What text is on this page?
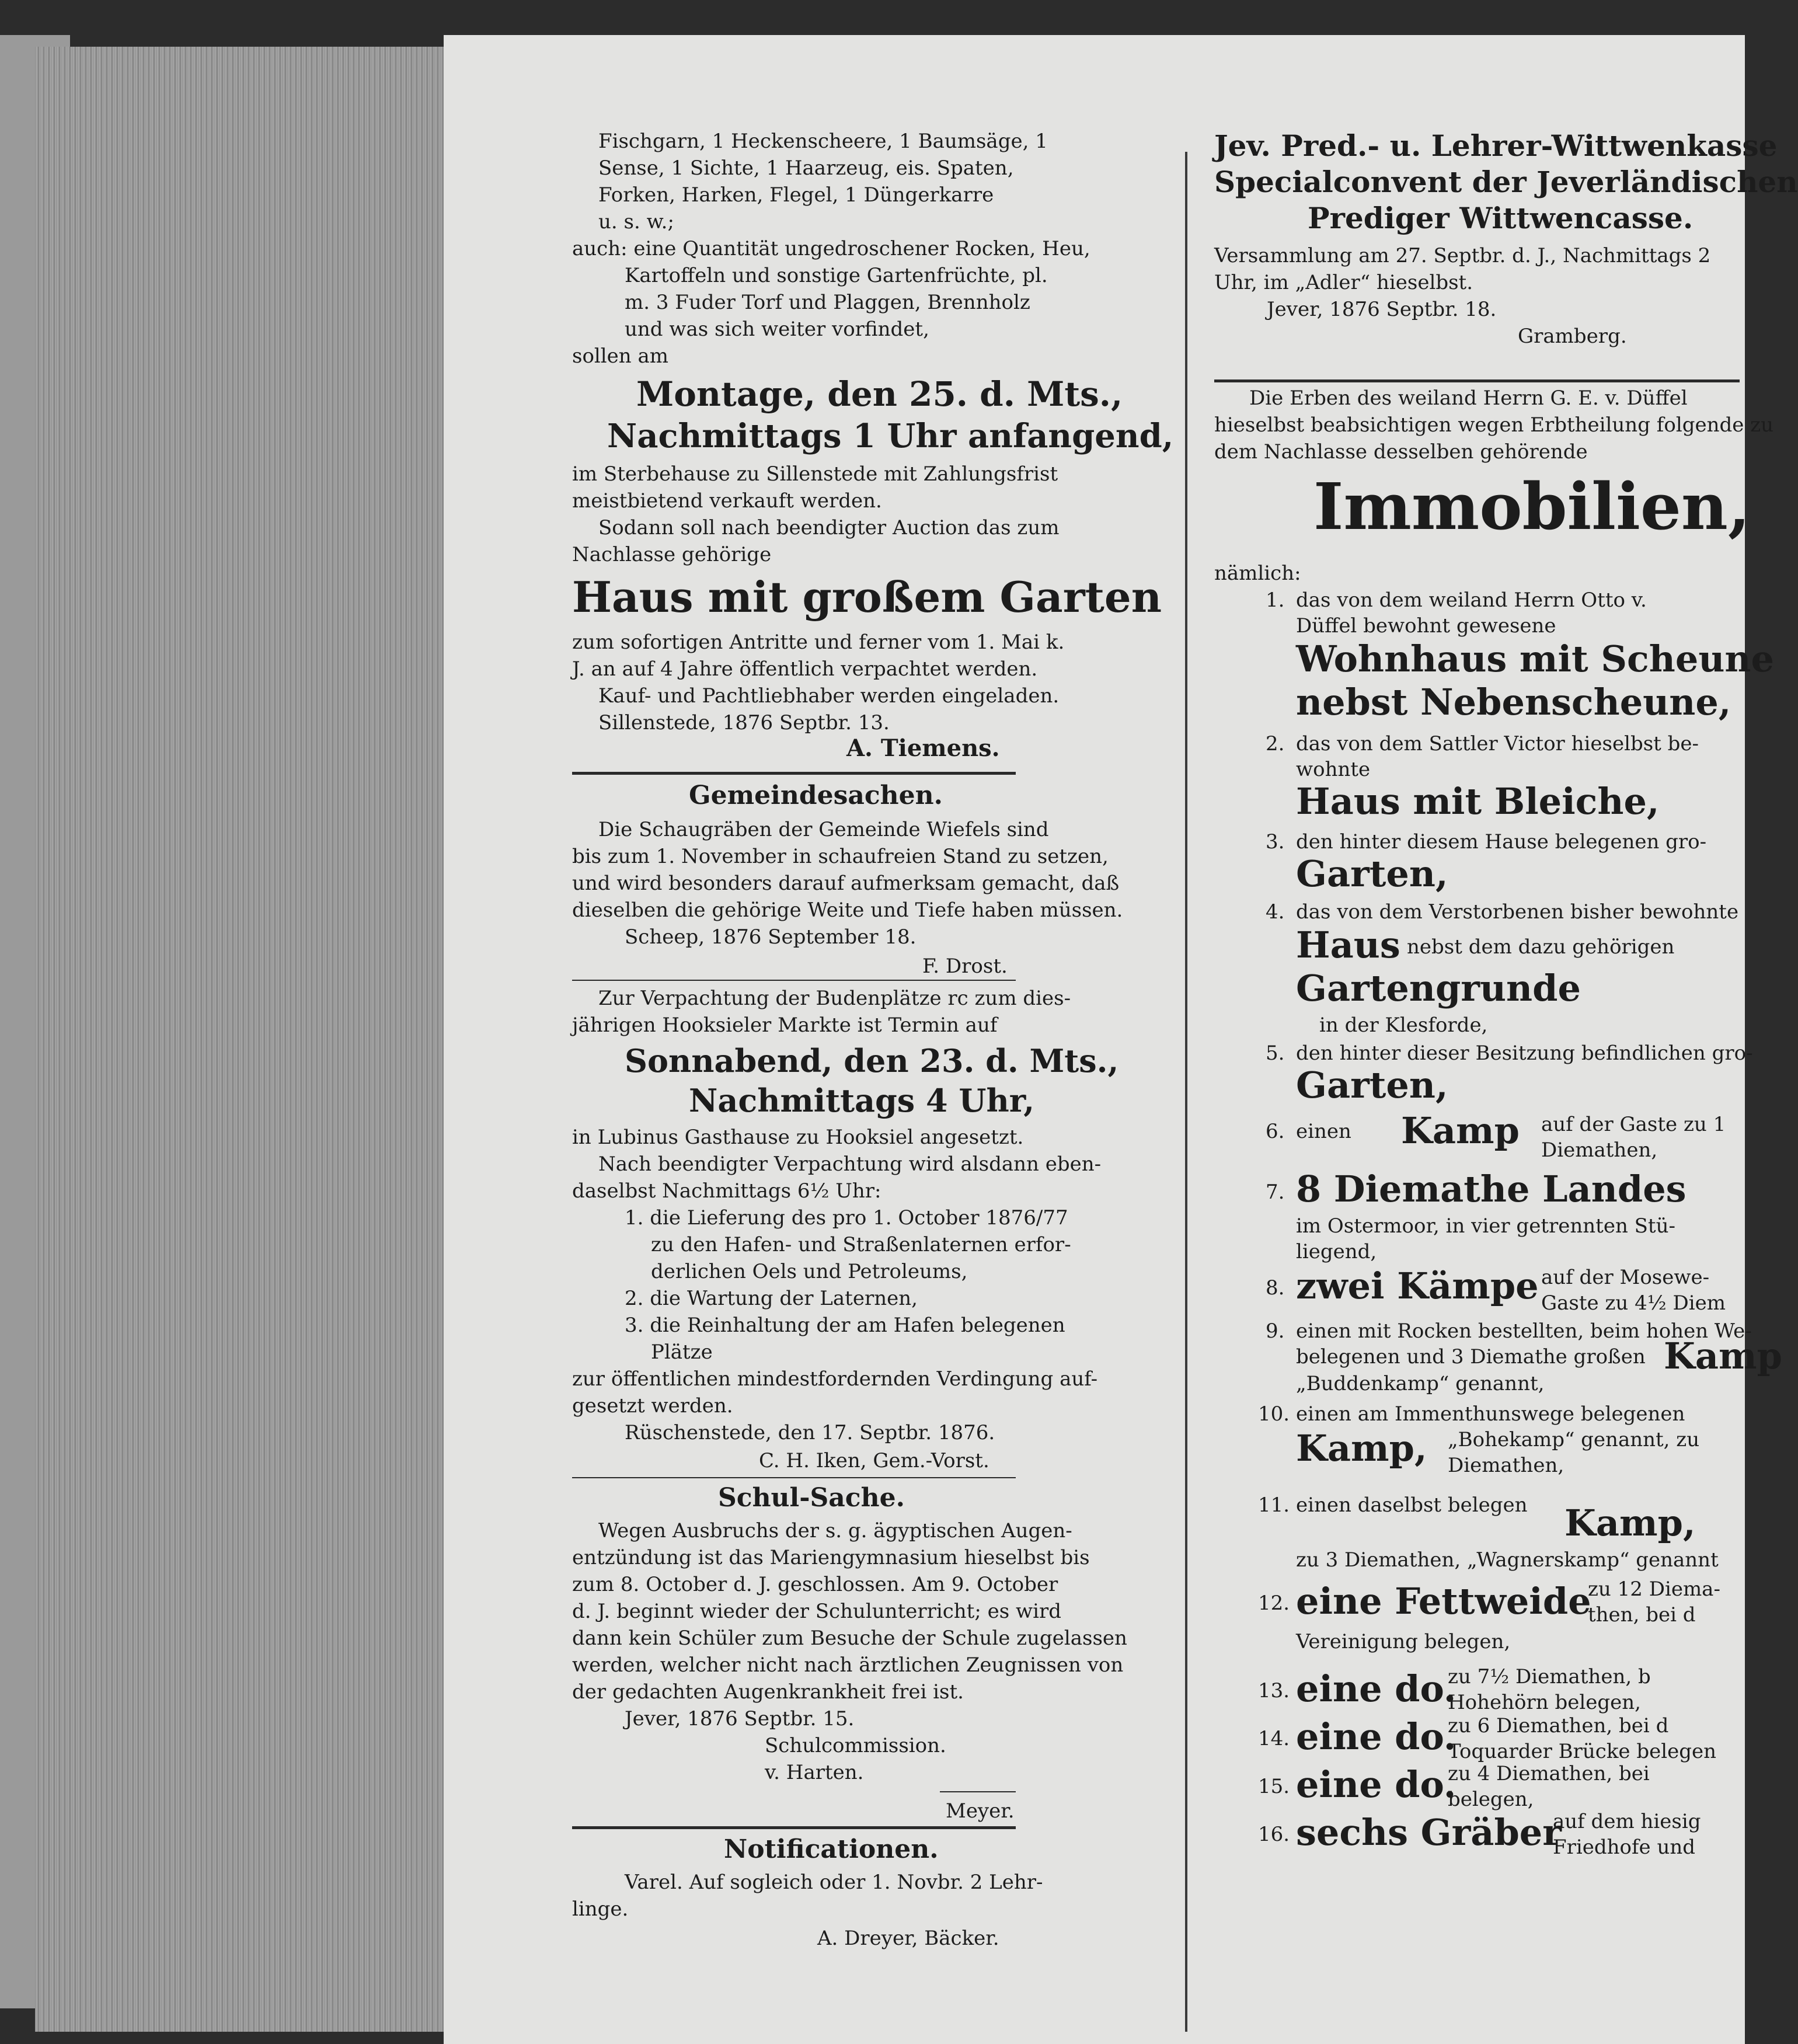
Fischgarn, 1 Heckenscheere, 1 Baumsäge, 1
Sense, 1 Sichte, 1 Haarzeug, eis. Spaten,
Forken, Harken, Flegel, 1 Düngerkarre
u. s. w.;
auch: eine Quantität ungedroschener Rocken, Heu,
Kartoffeln und sonstige Gartenfrüchte, pl.
m. 3 Fuder Torf und Plaggen, Brennholz
und was sich weiter vorfindet,
sollen am
Montage, den 25. d. Mts.,
Nachmittags 1 Uhr anfangend,
im Sterbehause zu Sillenstede mit Zahlungsfrist
meistbietend verkauft werden.
Sodann soll nach beendigter Auction das zum
Nachlasse gehörige
Haus mit großem Garten
zum sofortigen Antritte und ferner vom 1. Mai k.
J. an auf 4 Jahre öffentlich verpachtet werden.
Kauf- und Pachtliebhaber werden eingeladen.
Sillenstede, 1876 Septbr. 13.
A. Tiemens.
Gemeindesachen.
Die Schaugräben der Gemeinde Wiefels sind
bis zum 1. November in schaufreien Stand zu setzen,
und wird besonders darauf aufmerksam gemacht, daß
dieselben die gehörige Weite und Tiefe haben müssen.
Scheep, 1876 September 18.
F. Drost.
Zur Verpachtung der Budenplätze rc zum dies-
jährigen Hooksieler Markte ist Termin auf
Sonnabend, den 23. d. Mts.,
Nachmittags 4 Uhr,
in Lubinus Gasthause zu Hooksiel angesetzt.
Nach beendigter Verpachtung wird alsdann eben-
daselbst Nachmittags 6½ Uhr:
1. die Lieferung des pro 1. October 1876/77
zu den Hafen- und Straßenlaternen erfor-
derlichen Oels und Petroleums,
2. die Wartung der Laternen,
3. die Reinhaltung der am Hafen belegenen
Plätze
zur öffentlichen mindestfordernden Verdingung auf-
gesetzt werden.
Rüschenstede, den 17. Septbr. 1876.
C. H. Iken, Gem.-Vorst.
Schul-Sache.
Wegen Ausbruchs der s. g. ägyptischen Augen-
entzündung ist das Mariengymnasium hieselbst bis
zum 8. October d. J. geschlossen. Am 9. October
d. J. beginnt wieder der Schulunterricht; es wird
dann kein Schüler zum Besuche der Schule zugelassen
werden, welcher nicht nach ärztlichen Zeugnissen von
der gedachten Augenkrankheit frei ist.
Jever, 1876 Septbr. 15.
Schulcommission.
v. Harten.
Meyer.
Notificationen.
Varel. Auf sogleich oder 1. Novbr. 2 Lehr-
linge.
A. Dreyer, Bäcker.
Jev. Pred.- u. Lehrer-Wittwenkasse
Specialconvent der Jeverländischen
Prediger Wittwencasse.
Versammlung am 27. Septbr. d. J., Nachmittags 2
Uhr, im „Adler“ hieselbst.
Jever, 1876 Septbr. 18.
Gramberg.
Die Erben des weiland Herrn G. E. v. Düffel
hieselbst beabsichtigen wegen Erbtheilung folgende zu
dem Nachlasse desselben gehörende
Immobilien,
nämlich:
1. das von dem weiland Herrn Otto v.
Düffel bewohnt gewesene
Wohnhaus mit Scheune
nebst Nebenscheune,
2. das von dem Sattler Victor hieselbst be-
wohnte
Haus mit Bleiche,
3. den hinter diesem Hause belegenen gro-
Garten,
4. das von dem Verstorbenen bisher bewohnte
Haus nebst dem dazu gehörigen
Gartengrunde
in der Klesforde,
5. den hinter dieser Besitzung befindlichen gro-
Garten,
6. einen Kamp auf der Gaste zu 1
Diemathen,
7. 8 Diemathe Landes
im Ostermoor, in vier getrennten Stü-
liegend,
8. zwei Kämpe auf der Mosewe-
Gaste zu 4½ Diem
9. einen mit Rocken bestellten, beim hohen We-
belegenen und 3 Diemathe großen Kamp
„Buddenkamp“ genannt,
10. einen am Immenthunswege belegenen
Kamp, „Bohekamp“ genannt, zu
Diemathen,
11. einen daselbst belegen Kamp,
zu 3 Diemathen, „Wagnerskamp“ genannt
12. eine Fettweide
zu 12 Diema-
then, bei d
Vereinigung belegen,
13. eine do.
zu 7½ Diemathen, b
Hohehörn belegen,
14. eine do.
zu 6 Diemathen, bei d
Toquarder Brücke belegen
15. eine do.
zu 4 Diemathen, bei
belegen,
16. sechs Gräber
auf dem hiesig
Friedhofe und
